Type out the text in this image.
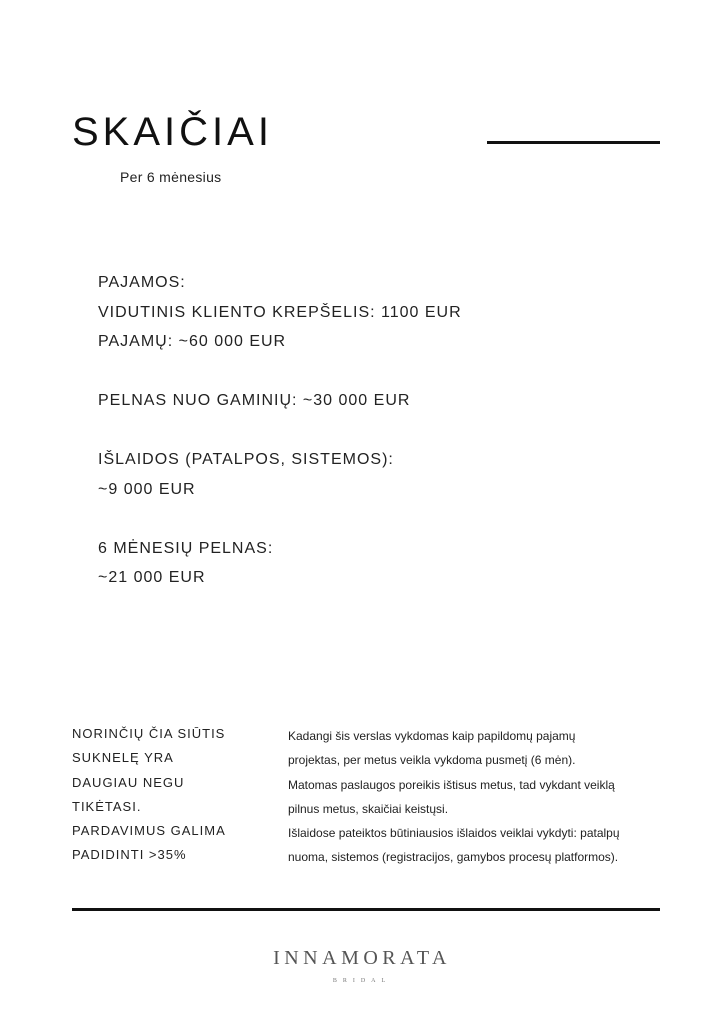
SKAIČIAI
Per 6 mėnesius
PAJAMOS:
VIDUTINIS KLIENTO KREPŠELIS: 1100 EUR
PAJAMŲ: ~60 000 EUR
PELNAS NUO GAMINIŲ: ~30 000 EUR
IŠLAIDOS (PATALPOS, SISTEMOS):
~9 000 EUR
6 MĖNESIŲ PELNAS:
~21 000 EUR
NORINČIŲ ČIA SIŪTIS
SUKNELĘ YRA
DAUGIAU NEGU
TIKĖTASI.
PARDAVIMUS GALIMA
PADIDINTI >35%
Kadangi šis verslas vykdomas kaip papildomų pajamų
projektas, per metus veikla vykdoma pusmetį (6 mėn).
Matomas paslaugos poreikis ištisus metus, tad vykdant veiklą
pilnus metus, skaičiai keistųsi.
Išlaidose pateiktos būtiniausios išlaidos veiklai vykdyti: patalpų
nuoma, sistemos (registracijos, gamybos procesų platformos).
INNAMORATA
BRIDAL
